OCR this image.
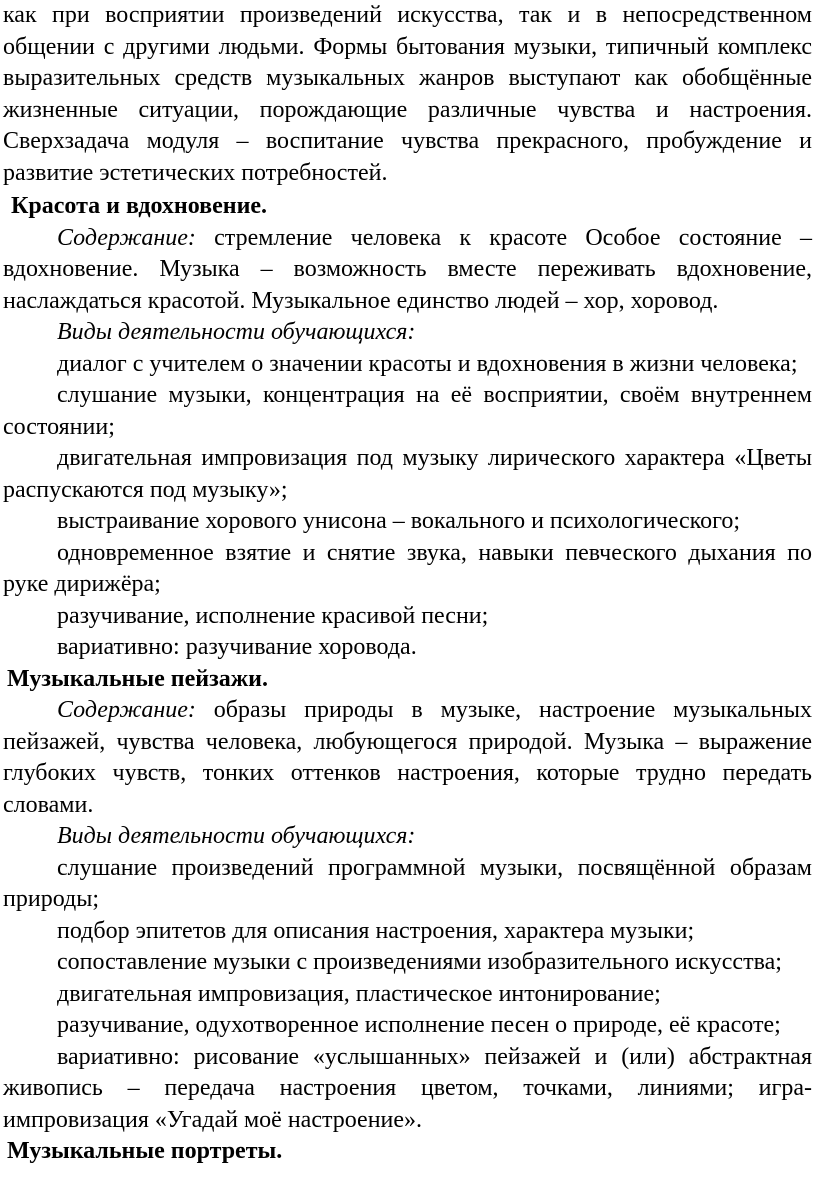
как при восприятии произведений искусства, так и в непосредственном общении с другими людьми. Формы бытования музыки, типичный комплекс выразительных средств музыкальных жанров выступают как обобщённые жизненные ситуации, порождающие различные чувства и настроения. Сверхзадача модуля – воспитание чувства прекрасного, пробуждение и развитие эстетических потребностей.

Красота и вдохновение.

Содержание: стремление человека к красоте Особое состояние – вдохновение. Музыка – возможность вместе переживать вдохновение, наслаждаться красотой. Музыкальное единство людей – хор, хоровод.

Виды деятельности обучающихся:

диалог с учителем о значении красоты и вдохновения в жизни человека;

слушание музыки, концентрация на её восприятии, своём внутреннем состоянии;

двигательная импровизация под музыку лирического характера «Цветы распускаются под музыку»;

выстраивание хорового унисона – вокального и психологического;

одновременное взятие и снятие звука, навыки певческого дыхания по руке дирижёра;

разучивание, исполнение красивой песни;

вариативно: разучивание хоровода.

Музыкальные пейзажи.

Содержание: образы природы в музыке, настроение музыкальных пейзажей, чувства человека, любующегося природой. Музыка – выражение глубоких чувств, тонких оттенков настроения, которые трудно передать словами.

Виды деятельности обучающихся:

слушание произведений программной музыки, посвящённой образам природы;

подбор эпитетов для описания настроения, характера музыки;

сопоставление музыки с произведениями изобразительного искусства;

двигательная импровизация, пластическое интонирование;

разучивание, одухотворенное исполнение песен о природе, её красоте;

вариативно: рисование «услышанных» пейзажей и (или) абстрактная живопись – передача настроения цветом, точками, линиями; игра-импровизация «Угадай моё настроение».

Музыкальные портреты.
